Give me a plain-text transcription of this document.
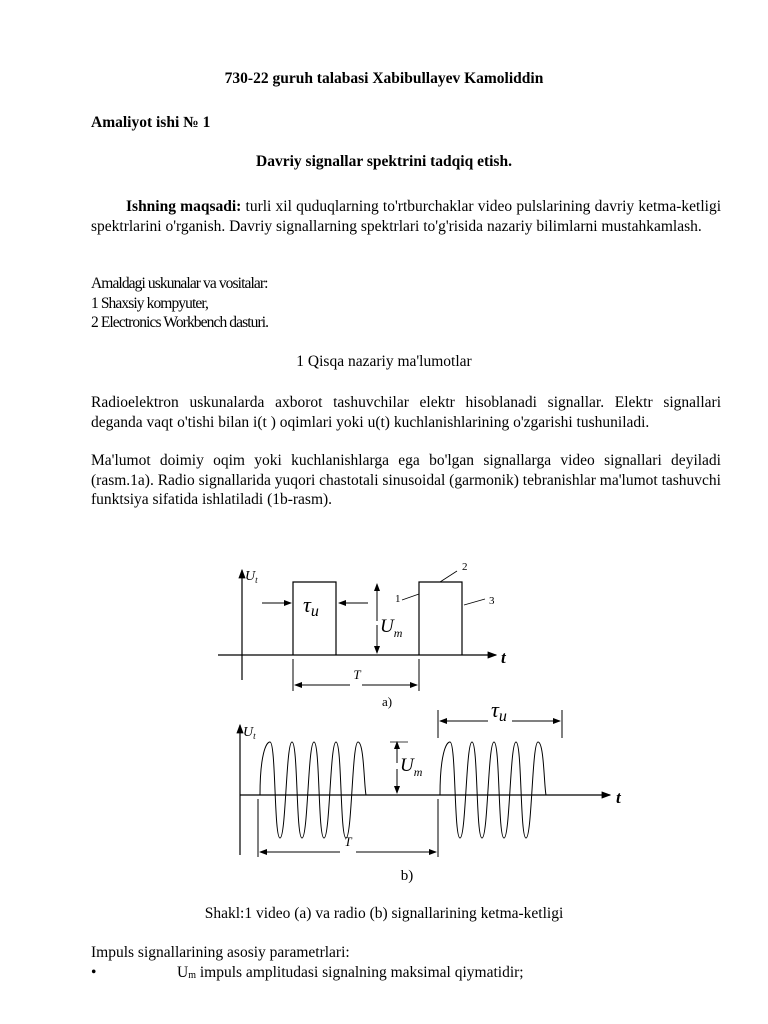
730-22 guruh talabasi Xabibullayev Kamoliddin
Amaliyot ishi № 1
Davriy signallar spektrini tadqiq etish.
Ishning maqsadi: turli xil quduqlarning to'rtburchaklar video pulslarining davriy ketma-ketligi spektrlarini o'rganish. Davriy signallarning spektrlari to'g'risida nazariy bilimlarni mustahkamlash.
Amaldagi uskunalar va vositalar:
1 Shaxsiy kompyuter,
2 Electronics Workbench dasturi.
1 Qisqa nazariy ma'lumotlar
Radioelektron uskunalarda axborot tashuvchilar elektr hisoblanadi signallar. Elektr signallari deganda vaqt o'tishi bilan i(t ) oqimlari yoki u(t) kuchlanishlarining o'zgarishi tushuniladi.
Ma'lumot doimiy oqim yoki kuchlanishlarga ega bo'lgan signallarga video signallari deyiladi (rasm.1a). Radio signallarida yuqori chastotali sinusoidal (garmonik) tebranishlar ma'lumot tashuvchi funktsiya sifatida ishlatiladi (1b-rasm).
$U_t$
t
τu
$U_m$
T
1
2
3
a)
$U_t$
t
τu
$U_m$
T
b)
Shakl:1 video (a) va radio (b) signallarining ketma-ketligi
Impuls signallarining asosiy parametrlari:
•	$U_m$ impuls amplitudasi signalning maksimal qiymatidir;
